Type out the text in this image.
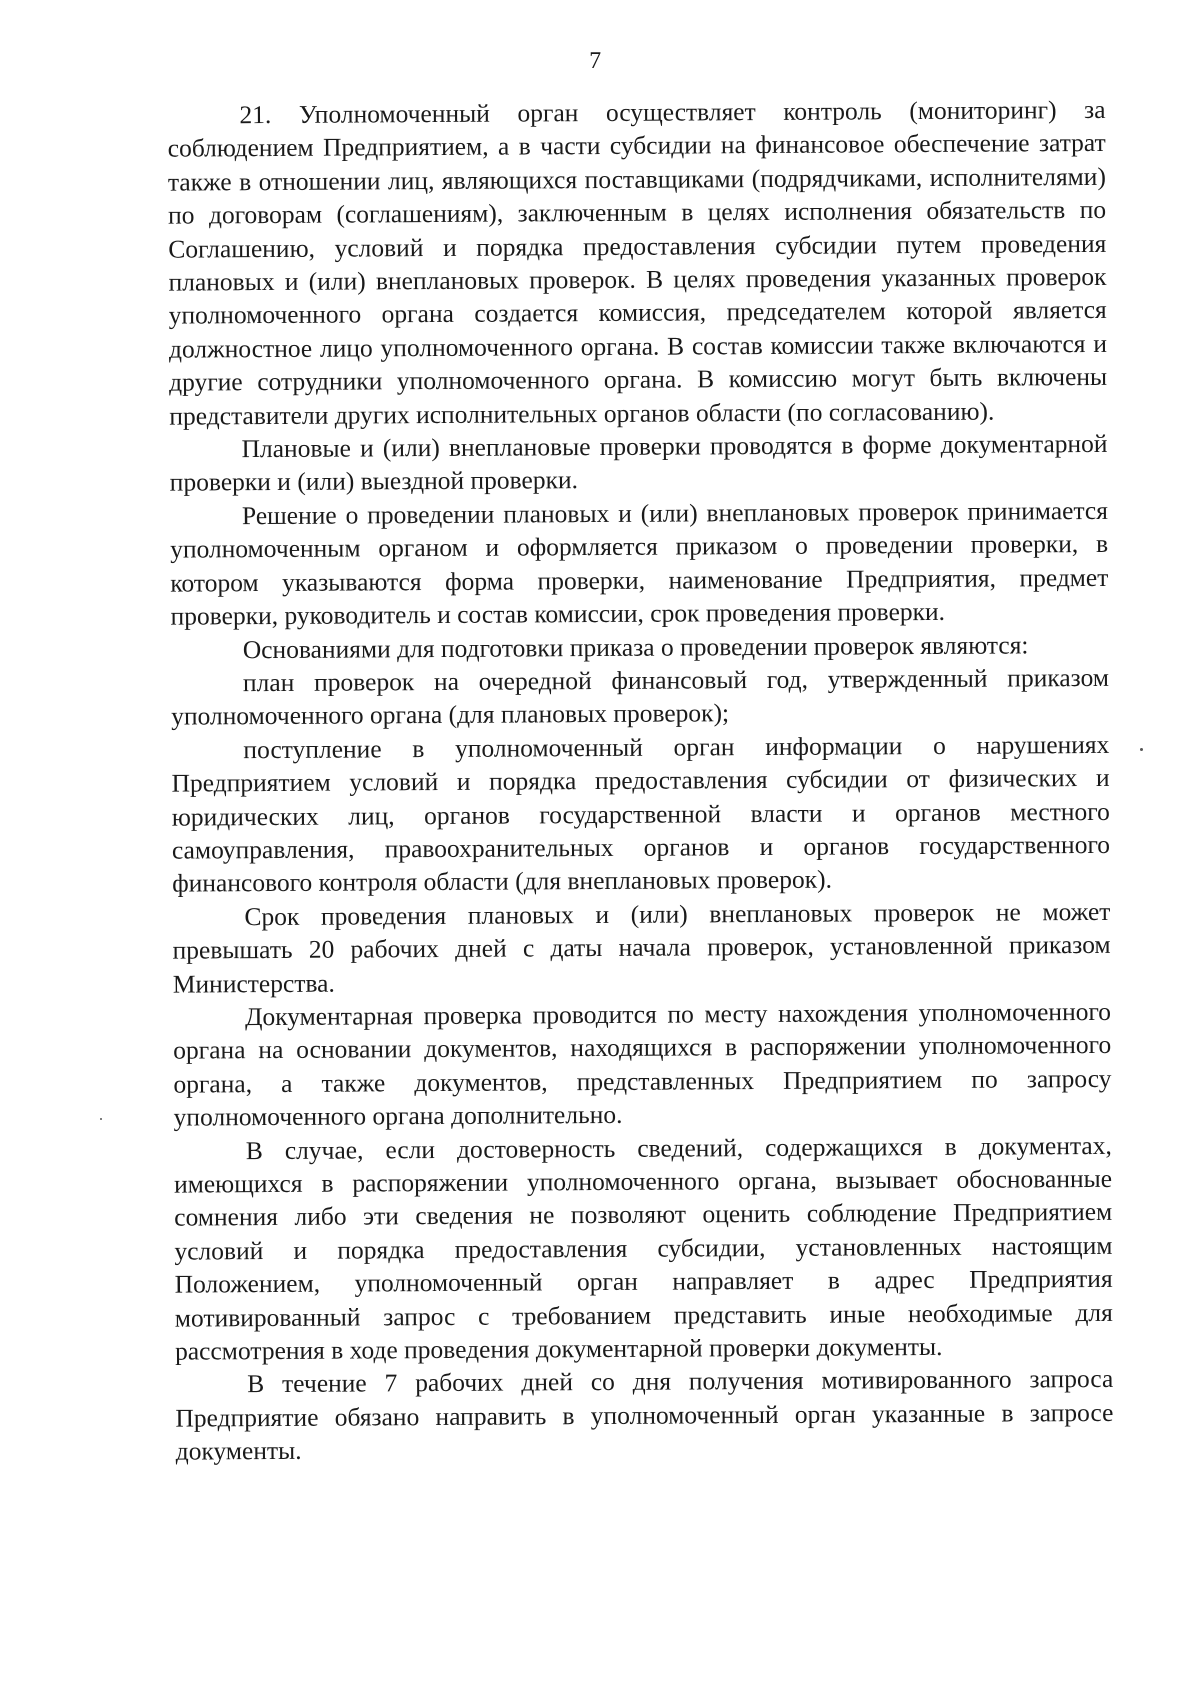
7

21. Уполномоченный орган осуществляет контроль (мониторинг) за соблюдением Предприятием, а в части субсидии на финансовое обеспечение затрат также в отношении лиц, являющихся поставщиками (подрядчиками, исполнителями) по договорам (соглашениям), заключенным в целях исполнения обязательств по Соглашению, условий и порядка предоставления субсидии путем проведения плановых и (или) внеплановых проверок. В целях проведения указанных проверок уполномоченного органа создается комиссия, председателем которой является должностное лицо уполномоченного органа. В состав комиссии также включаются и другие сотрудники уполномоченного органа. В комиссию могут быть включены представители других исполнительных органов области (по согласованию).

Плановые и (или) внеплановые проверки проводятся в форме документарной проверки и (или) выездной проверки.

Решение о проведении плановых и (или) внеплановых проверок принимается уполномоченным органом и оформляется приказом о проведении проверки, в котором указываются форма проверки, наименование Предприятия, предмет проверки, руководитель и состав комиссии, срок проведения проверки.

Основаниями для подготовки приказа о проведении проверок являются:

план проверок на очередной финансовый год, утвержденный приказом уполномоченного органа (для плановых проверок);

поступление в уполномоченный орган информации о нарушениях Предприятием условий и порядка предоставления субсидии от физических и юридических лиц, органов государственной власти и органов местного самоуправления, правоохранительных органов и органов государственного финансового контроля области (для внеплановых проверок).

Срок проведения плановых и (или) внеплановых проверок не может превышать 20 рабочих дней с даты начала проверок, установленной приказом Министерства.

Документарная проверка проводится по месту нахождения уполномоченного органа на основании документов, находящихся в распоряжении уполномоченного органа, а также документов, представленных Предприятием по запросу уполномоченного органа дополнительно.

В случае, если достоверность сведений, содержащихся в документах, имеющихся в распоряжении уполномоченного органа, вызывает обоснованные сомнения либо эти сведения не позволяют оценить соблюдение Предприятием условий и порядка предоставления субсидии, установленных настоящим Положением, уполномоченный орган направляет в адрес Предприятия мотивированный запрос с требованием представить иные необходимые для рассмотрения в ходе проведения документарной проверки документы.

В течение 7 рабочих дней со дня получения мотивированного запроса Предприятие обязано направить в уполномоченный орган указанные в запросе документы.
